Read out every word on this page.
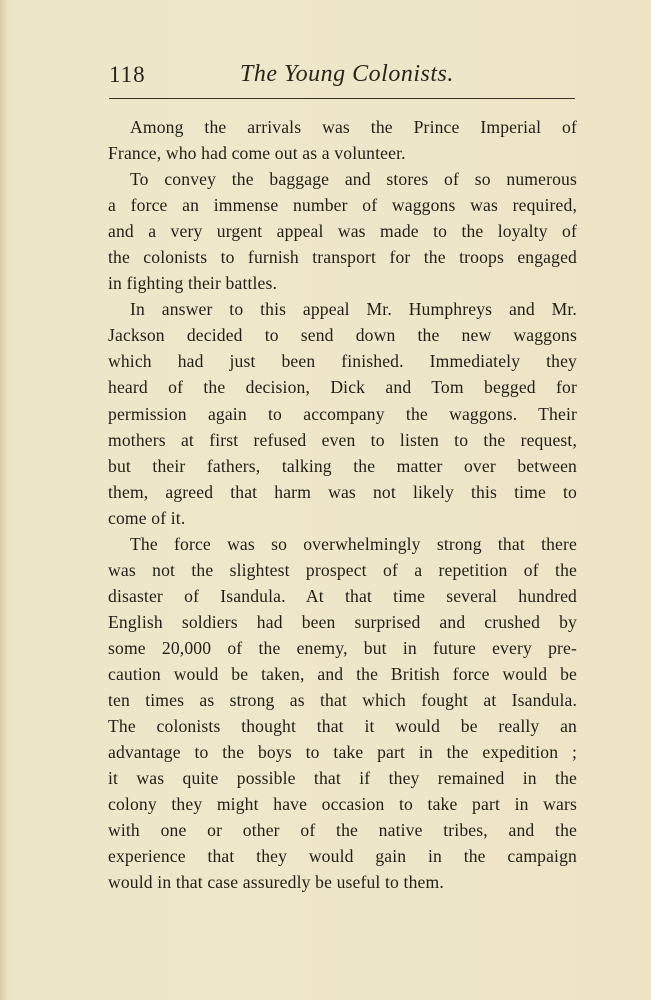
118	The Young Colonists.
Among the arrivals was the Prince Imperial of
France, who had come out as a volunteer.
To convey the baggage and stores of so numerous
a force an immense number of waggons was required,
and a very urgent appeal was made to the loyalty of
the colonists to furnish transport for the troops engaged
in fighting their battles.
In answer to this appeal Mr. Humphreys and Mr.
Jackson decided to send down the new waggons
which had just been finished. Immediately they
heard of the decision, Dick and Tom begged for
permission again to accompany the waggons. Their
mothers at first refused even to listen to the request,
but their fathers, talking the matter over between
them, agreed that harm was not likely this time to
come of it.
The force was so overwhelmingly strong that there
was not the slightest prospect of a repetition of the
disaster of Isandula. At that time several hundred
English soldiers had been surprised and crushed by
some 20,000 of the enemy, but in future every pre-
caution would be taken, and the British force would be
ten times as strong as that which fought at Isandula.
The colonists thought that it would be really an
advantage to the boys to take part in the expedition ;
it was quite possible that if they remained in the
colony they might have occasion to take part in wars
with one or other of the native tribes, and the
experience that they would gain in the campaign
would in that case assuredly be useful to them.
